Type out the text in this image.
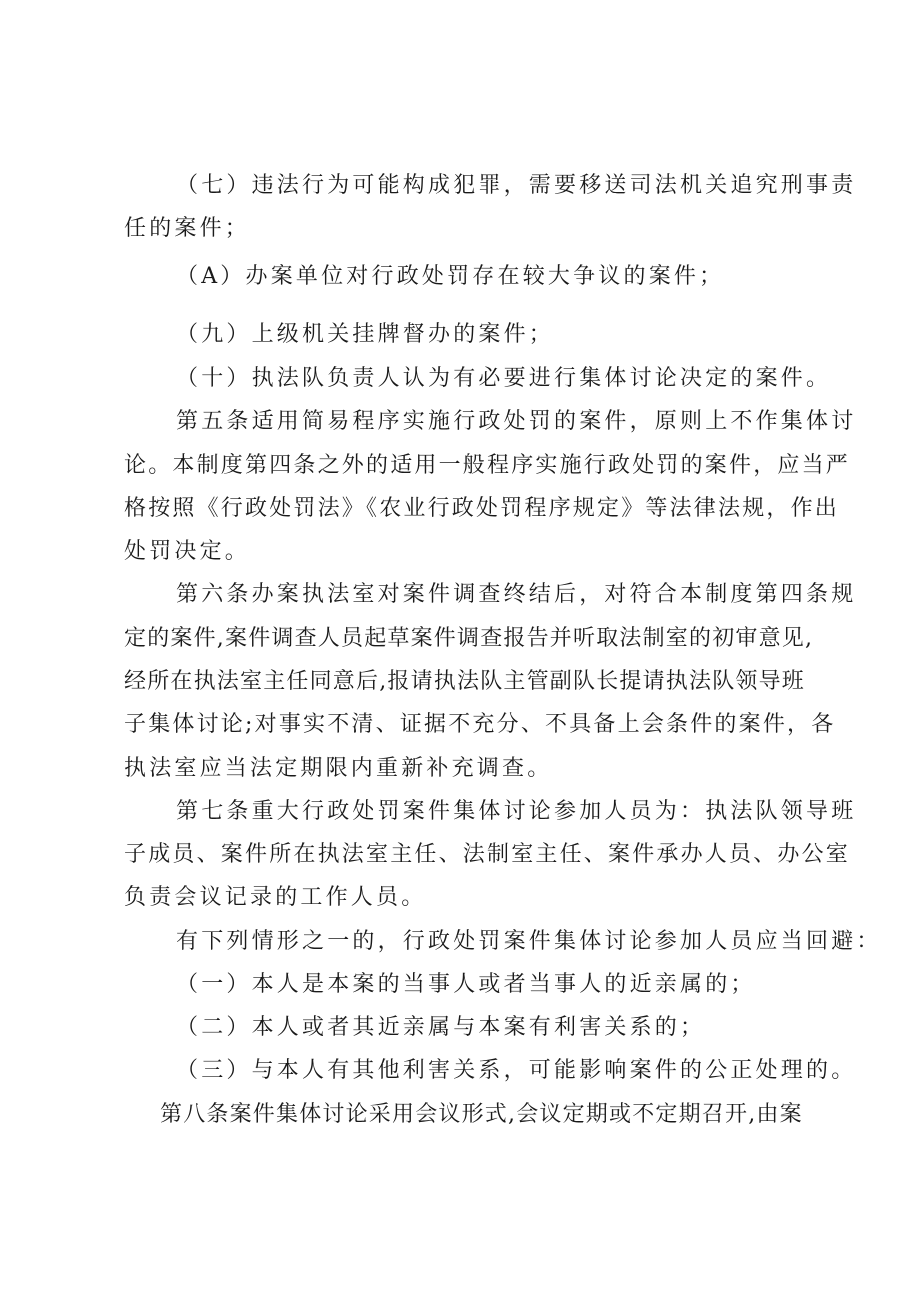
（七）违法行为可能构成犯罪，需要移送司法机关追究刑事责
任的案件；
（A）办案单位对行政处罚存在较大争议的案件；
（九）上级机关挂牌督办的案件；
（十）执法队负责人认为有必要进行集体讨论决定的案件。
第五条适用简易程序实施行政处罚的案件，原则上不作集体讨
论。本制度第四条之外的适用一般程序实施行政处罚的案件，应当严
格按照《行政处罚法》《农业行政处罚程序规定》等法律法规，作出
处罚决定。
第六条办案执法室对案件调查终结后，对符合本制度第四条规
定的案件,案件调查人员起草案件调查报告并听取法制室的初审意见,
经所在执法室主任同意后,报请执法队主管副队长提请执法队领导班
子集体讨论;对事实不清、证据不充分、不具备上会条件的案件，各
执法室应当法定期限内重新补充调查。
第七条重大行政处罚案件集体讨论参加人员为：执法队领导班
子成员、案件所在执法室主任、法制室主任、案件承办人员、办公室
负责会议记录的工作人员。
有下列情形之一的，行政处罚案件集体讨论参加人员应当回避：
（一）本人是本案的当事人或者当事人的近亲属的；
（二）本人或者其近亲属与本案有利害关系的；
（三）与本人有其他利害关系，可能影响案件的公正处理的。
第八条案件集体讨论采用会议形式,会议定期或不定期召开,由案
